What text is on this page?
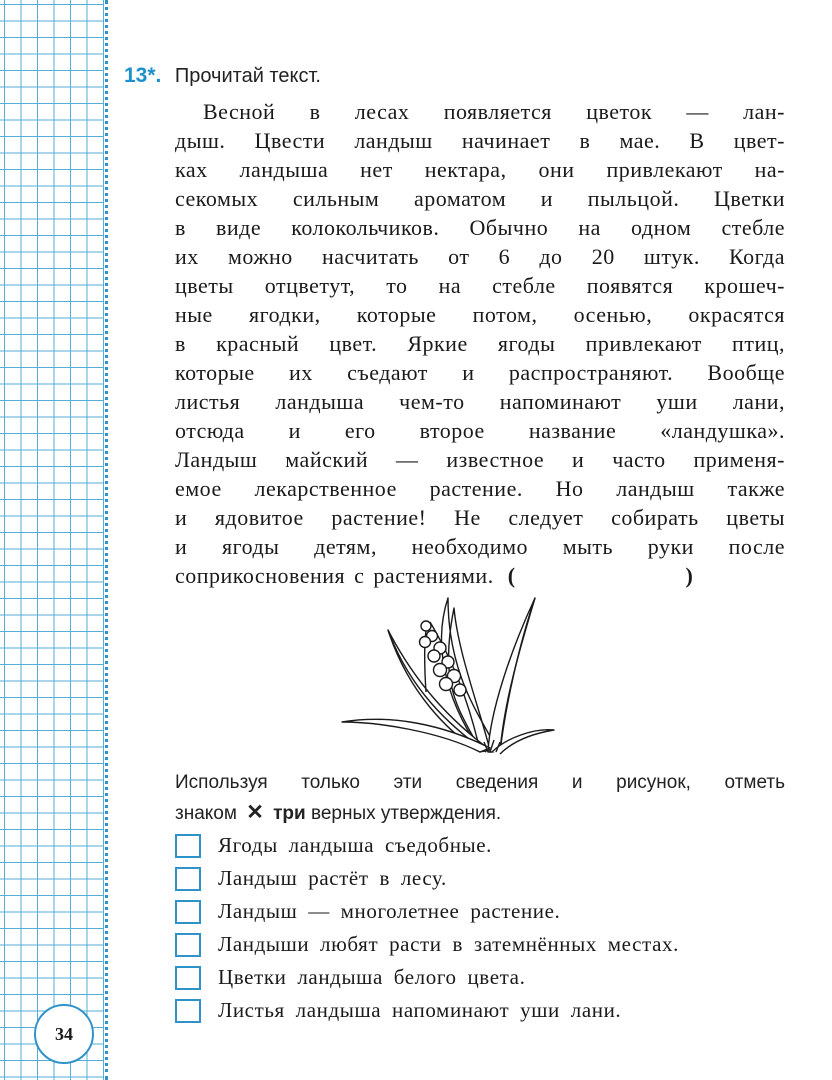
13*. Прочитай текст.
Весной в лесах появляется цветок — лан-
дыш. Цвести ландыш начинает в мае. В цвет-
ках ландыша нет нектара, они привлекают на-
секомых сильным ароматом и пыльцой. Цветки
в виде колокольчиков. Обычно на одном стебле
их можно насчитать от 6 до 20 штук. Когда
цветы отцветут, то на стебле появятся крошеч-
ные ягодки, которые потом, осенью, окрасятся
в красный цвет. Яркие ягоды привлекают птиц,
которые их съедают и распространяют. Вообще
листья ландыша чем-то напоминают уши лани,
отсюда и его второе название «ландушка».
Ландыш майский — известное и часто применя-
емое лекарственное растение. Но ландыш также
и ядовитое растение! Не следует собирать цветы
и ягоды детям, необходимо мыть руки после
соприкосновения с растениями. (	)
Используя только эти сведения и рисунок, отметь
знаком ✕ три верных утверждения.
Ягоды ландыша съедобные.
Ландыш растёт в лесу.
Ландыш — многолетнее растение.
Ландыши любят расти в затемнённых местах.
Цветки ландыша белого цвета.
Листья ландыша напоминают уши лани.
34
